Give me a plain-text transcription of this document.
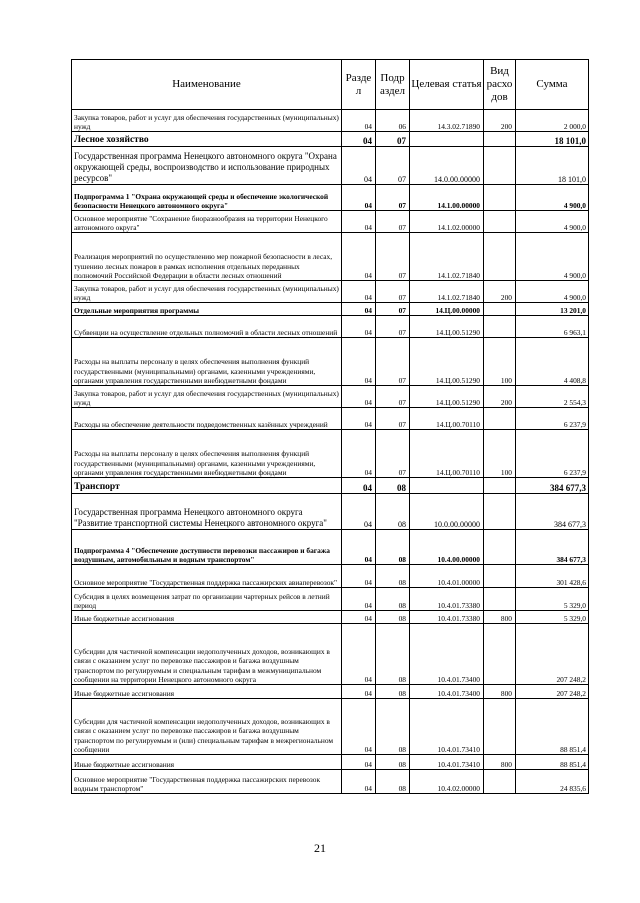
Наименование	Разде л	Подр аздел	Целевая статья	Вид расхо дов	Сумма
Закупка товаров, работ и услуг для обеспечения государственных (муниципальных) нужд	04	06	14.3.02.71890	200	2 000,0
Лесное хозяйство	04	07			18 101,0
Государственная программа Ненецкого автономного округа "Охрана окружающей среды, воспроизводство и использование природных ресурсов"	04	07	14.0.00.00000		18 101,0
Подпрограмма 1 "Охрана окружающей среды и обеспечение экологической безопасности Ненецкого автономного округа"	04	07	14.1.00.00000		4 900,0
Основное мероприятие "Сохранение биоразнообразия на территории Ненецкого автономного округа"	04	07	14.1.02.00000		4 900,0
Реализация мероприятий по осуществлению мер пожарной безопасности в лесах, тушению лесных пожаров в рамках исполнения отдельных переданных полномочий Российской Федерации в области лесных отношений	04	07	14.1.02.71840		4 900,0
Закупка товаров, работ и услуг для обеспечения государственных (муниципальных) нужд	04	07	14.1.02.71840	200	4 900,0
Отдельные мероприятия программы	04	07	14.Ц.00.00000		13 201,0
Субвенции на осуществление отдельных полномочий в области лесных отношений	04	07	14.Ц.00.51290		6 963,1
Расходы на выплаты персоналу в целях обеспечения выполнения функций государственными (муниципальными) органами, казенными учреждениями, органами управления государственными внебюджетными фондами	04	07	14.Ц.00.51290	100	4 408,8
Закупка товаров, работ и услуг для обеспечения государственных (муниципальных) нужд	04	07	14.Ц.00.51290	200	2 554,3
Расходы на обеспечение деятельности подведомственных казённых учреждений	04	07	14.Ц.00.70110		6 237,9
Расходы на выплаты персоналу в целях обеспечения выполнения функций государственными (муниципальными) органами, казенными учреждениями, органами управления государственными внебюджетными фондами	04	07	14.Ц.00.70110	100	6 237,9
Транспорт	04	08			384 677,3
Государственная программа Ненецкого автономного округа "Развитие транспортной системы Ненецкого автономного округа"	04	08	10.0.00.00000		384 677,3
Подпрограмма 4 "Обеспечение доступности перевозки пассажиров и багажа воздушным, автомобильным и водным транспортом"	04	08	10.4.00.00000		384 677,3
Основное мероприятие "Государственная поддержка пассажирских авиаперевозок"	04	08	10.4.01.00000		301 428,6
Субсидия в целях возмещения затрат по организации чартерных рейсов в летний период	04	08	10.4.01.73380		5 329,0
Иные бюджетные ассигнования	04	08	10.4.01.73380	800	5 329,0
Субсидии для частичной компенсации недополученных доходов, возникающих в связи с оказанием услуг по перевозке пассажиров и багажа воздушным транспортом по регулируемым и специальным тарифам в межмуниципальном сообщении на территории Ненецкого автономного округа	04	08	10.4.01.73400		207 248,2
Иные бюджетные ассигнования	04	08	10.4.01.73400	800	207 248,2
Субсидии для частичной компенсации недополученных доходов, возникающих в связи с оказанием услуг по перевозке пассажиров и багажа воздушным транспортом по регулируемым и (или) специальным тарифам в межрегиональном сообщении	04	08	10.4.01.73410		88 851,4
Иные бюджетные ассигнования	04	08	10.4.01.73410	800	88 851,4
Основное мероприятие "Государственная поддержка пассажирских перевозок водным транспортом"	04	08	10.4.02.00000		24 835,6
21
